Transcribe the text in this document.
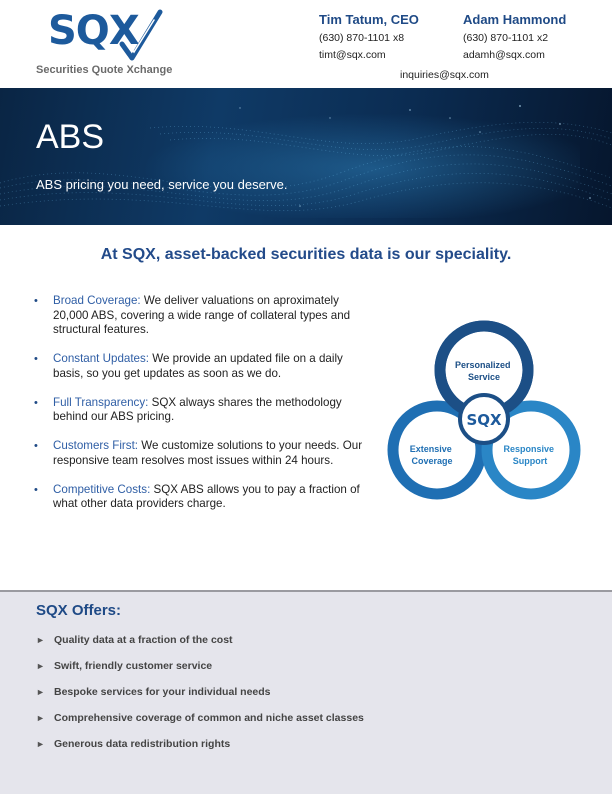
SQX
Securities Quote Xchange
Tim Tatum, CEO
(630) 870-1101 x8
timt@sqx.com
Adam Hammond
(630) 870-1101 x2
adamh@sqx.com
inquiries@sqx.com
ABS
ABS pricing you need, service you deserve.
At SQX, asset-backed securities data is our speciality.
• Broad Coverage: We deliver valuations on aproximately 20,000 ABS, covering a wide range of collateral types and structural features.
• Constant Updates: We provide an updated file on a daily basis, so you get updates as soon as we do.
• Full Transparency: SQX always shares the methodology behind our ABS pricing.
• Customers First: We customize solutions to your needs. Our responsive team resolves most issues within 24 hours.
• Competitive Costs: SQX ABS allows you to pay a fraction of what other data providers charge.
SQX
Personalized Service
Extensive Coverage
Responsive Support
SQX Offers:
► Quality data at a fraction of the cost
► Swift, friendly customer service
► Bespoke services for your individual needs
► Comprehensive coverage of common and niche asset classes
► Generous data redistribution rights
